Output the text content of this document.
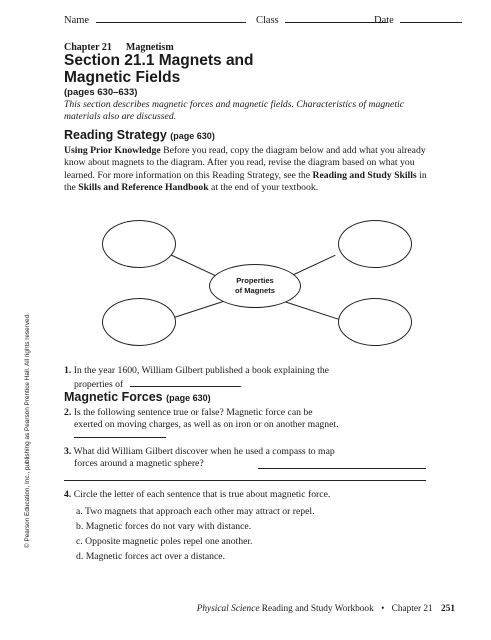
Name	Class	Date
Chapter 21 Magnetism
Section 21.1 Magnets and
Magnetic Fields
(pages 630–633)
This section describes magnetic forces and magnetic fields. Characteristics of magnetic materials also are discussed.
Reading Strategy (page 630)
Using Prior Knowledge Before you read, copy the diagram below and add what you already know about magnets to the diagram. After you read, revise the diagram based on what you learned. For more information on this Reading Strategy, see the Reading and Study Skills in the Skills and Reference Handbook at the end of your textbook.
Properties
of Magnets
1. In the year 1600, William Gilbert published a book explaining the
properties of	.
Magnetic Forces (page 630)
2. Is the following sentence true or false? Magnetic force can be
exerted on moving charges, as well as on iron or on another magnet.
3. What did William Gilbert discover when he used a compass to map
forces around a magnetic sphere?
4. Circle the letter of each sentence that is true about magnetic force.
a. Two magnets that approach each other may attract or repel.
b. Magnetic forces do not vary with distance.
c. Opposite magnetic poles repel one another.
d. Magnetic forces act over a distance.
© Pearson Education, Inc., publishing as Pearson Prentice Hall. All rights reserved.
Physical Science Reading and Study Workbook • Chapter 21 251
